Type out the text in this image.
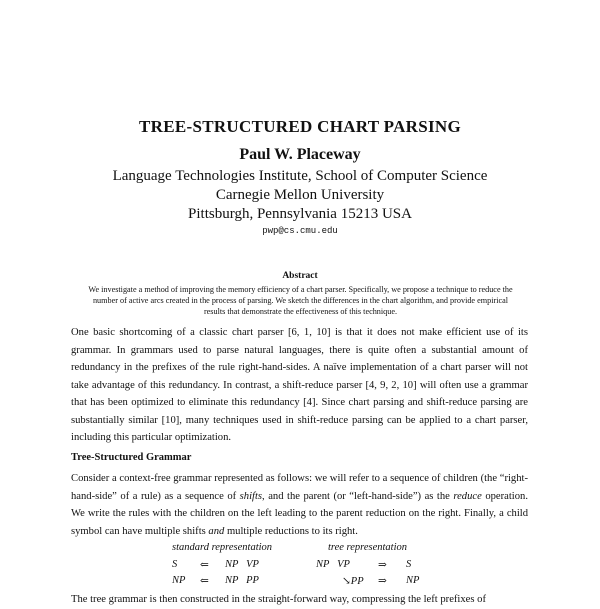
TREE-STRUCTURED CHART PARSING
Paul W. Placeway
Language Technologies Institute, School of Computer Science
Carnegie Mellon University
Pittsburgh, Pennsylvania 15213 USA
pwp@cs.cmu.edu
Abstract
We investigate a method of improving the memory efficiency of a chart parser. Specifically, we propose a technique to reduce the number of active arcs created in the process of parsing. We sketch the differences in the chart algorithm, and provide empirical results that demonstrate the effectiveness of this technique.
One basic shortcoming of a classic chart parser [6, 1, 10] is that it does not make efficient use of its grammar. In grammars used to parse natural languages, there is quite often a substantial amount of redundancy in the prefixes of the rule right-hand-sides. A naïve implementation of a chart parser will not take advantage of this redundancy. In contrast, a shift-reduce parser [4, 9, 2, 10] will often use a grammar that has been optimized to eliminate this redundancy [4]. Since chart parsing and shift-reduce parsing are substantially similar [10], many techniques used in shift-reduce parsing can be applied to a chart parser, including this particular optimization.
Tree-Structured Grammar
Consider a context-free grammar represented as follows: we will refer to a sequence of children (the “right-hand-side” of a rule) as a sequence of shifts, and the parent (or “left-hand-side”) as the reduce operation. We write the rules with the children on the left leading to the parent reduction on the right. Finally, a child symbol can have multiple shifts and multiple reductions to its right.
standard representation	tree representation
S ⇐ NP   VP
NP ⇐ NP   PP
NP   VP	⇒ S
↘PP ⇒ NP
The tree grammar is then constructed in the straight-forward way, compressing the left prefixes of
